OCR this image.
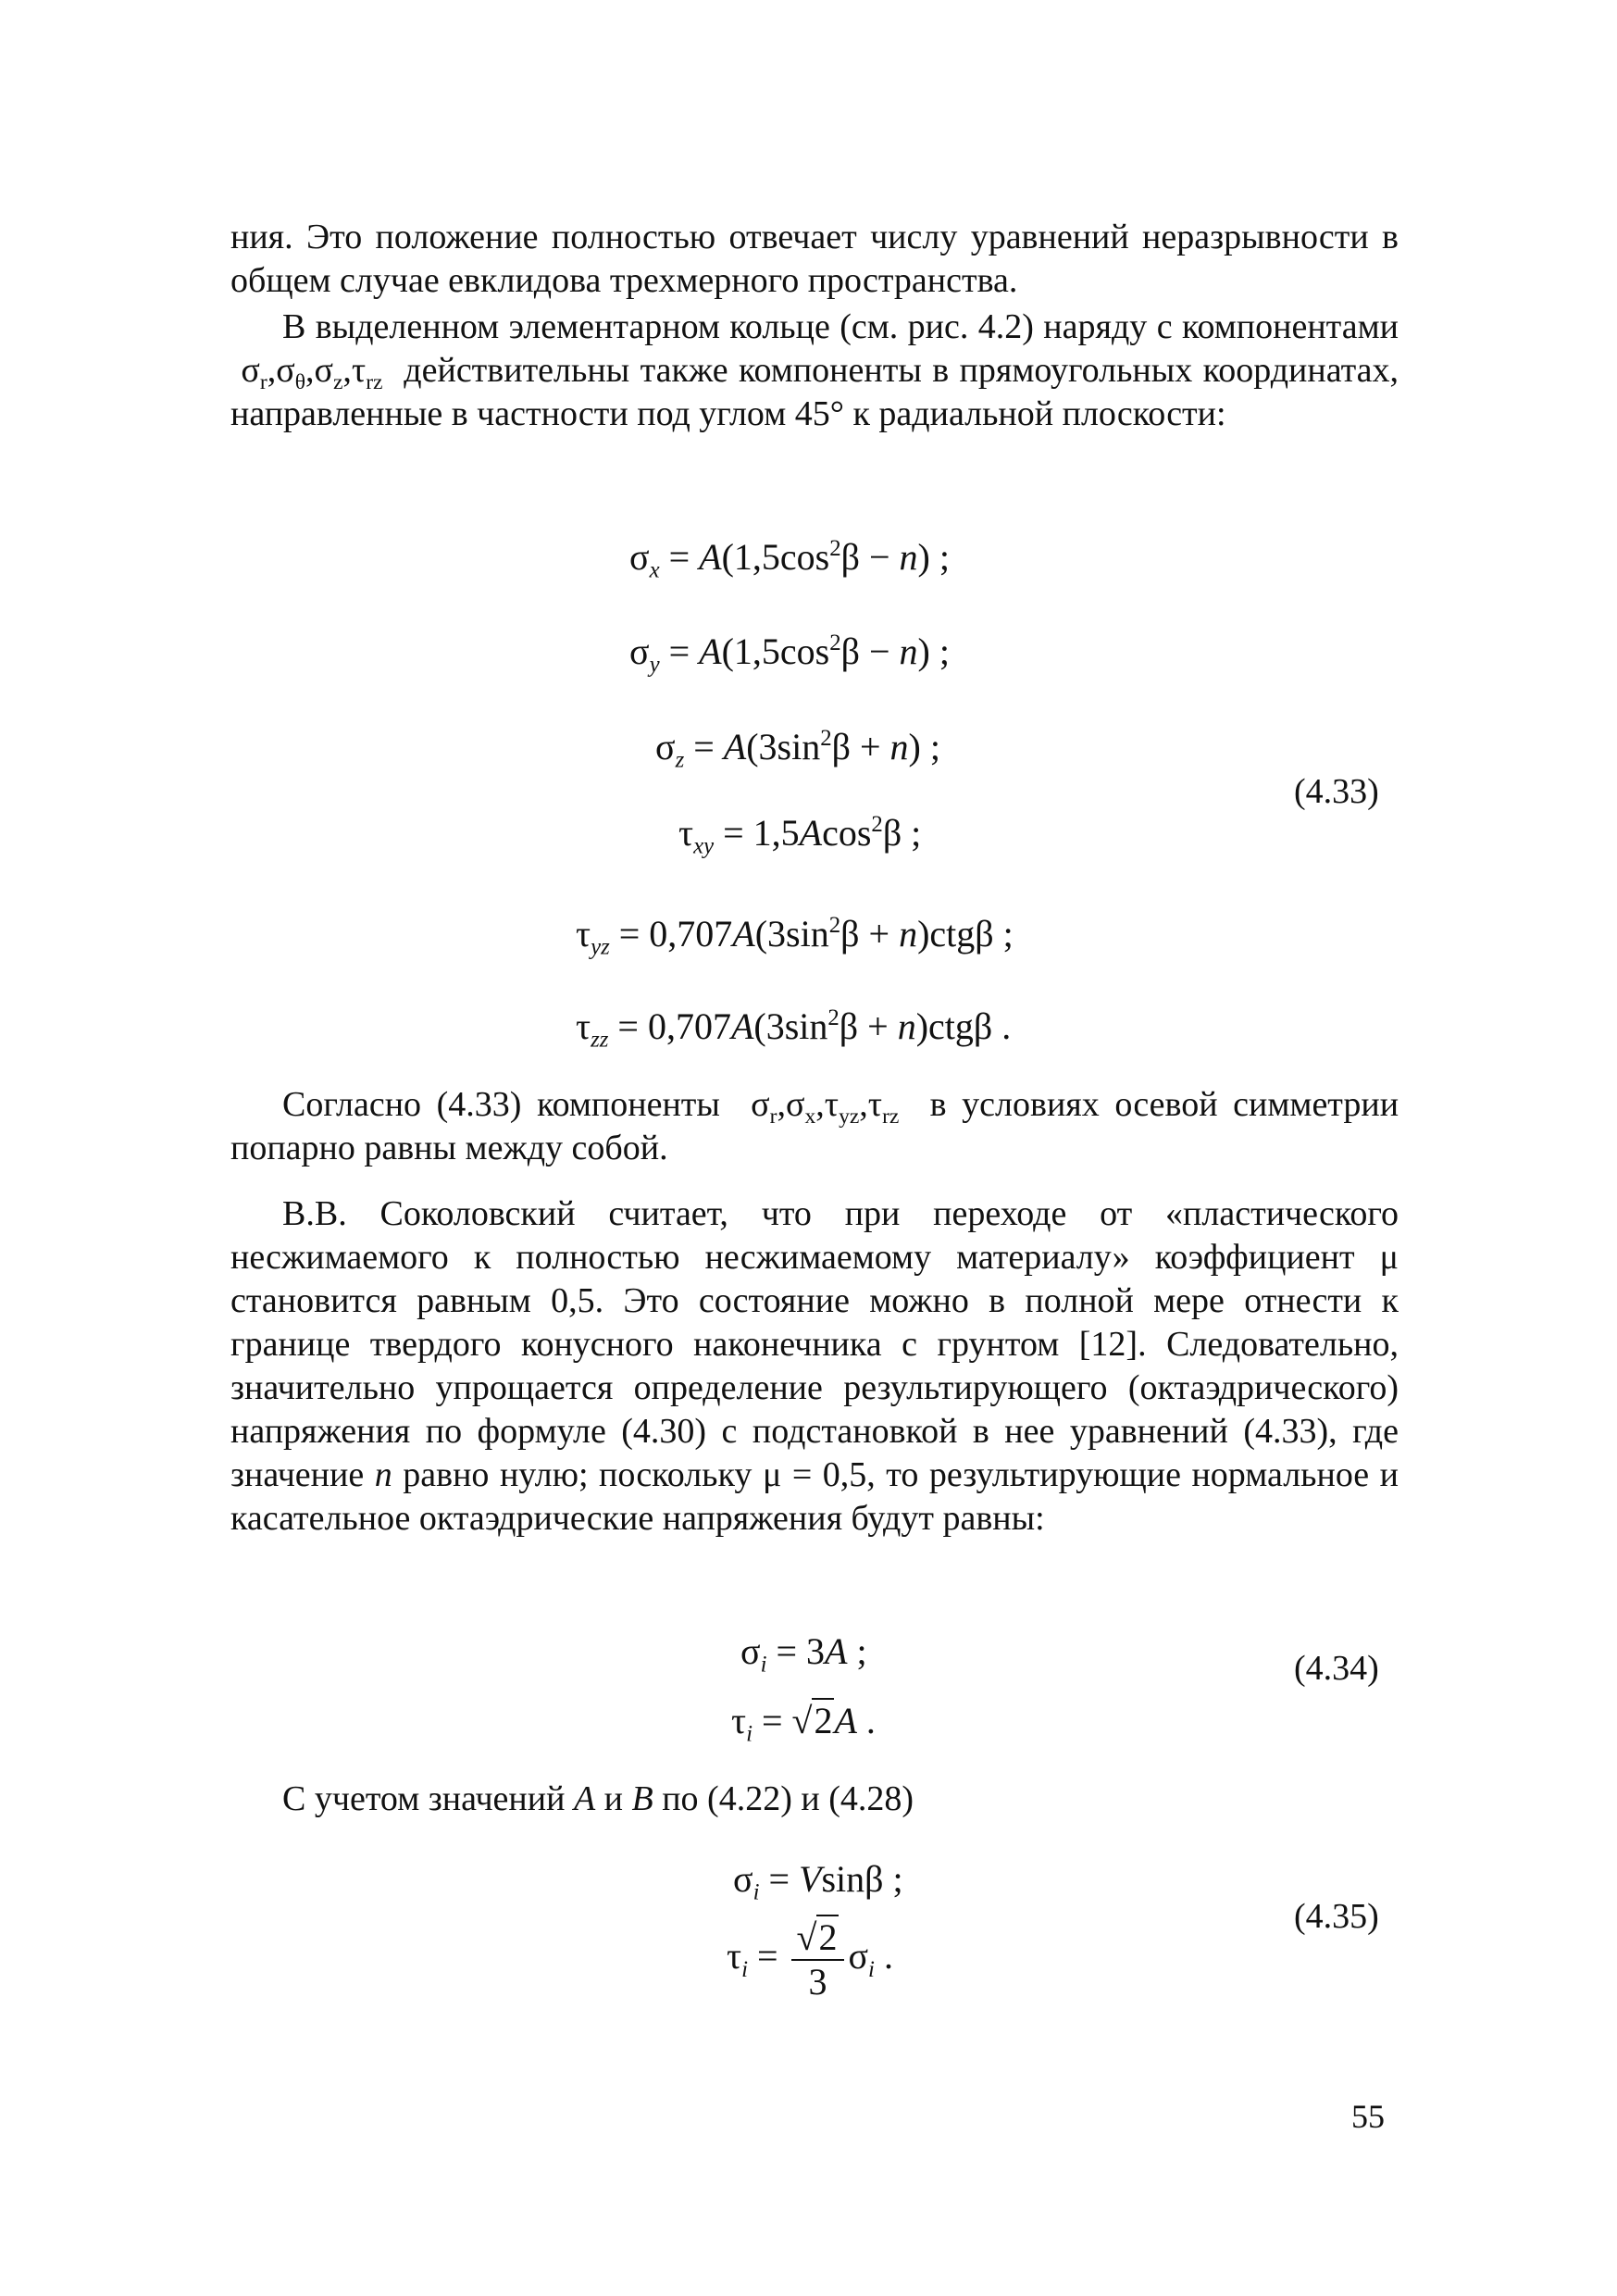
ния. Это положение полностью отвечает числу уравнений неразрывности в общем случае евклидова трехмерного пространства.

В выделенном элементарном кольце (см. рис. 4.2) наряду с компонентами  $\sigma_r,\sigma_\theta,\sigma_z,\tau_{rz}$ действительны также компоненты в прямоугольных координатах, направленные в частности под углом 45° к радиальной плоскости:

$\sigma_x = A(1,5\cos^2\beta - n)$ ;
$\sigma_y = A(1,5\cos^2\beta - n)$ ;
$\sigma_z = A(3\sin^2\beta + n)$ ;
$\tau_{xy} = 1,5Acos^2\beta$ ;
$\tau_{yz} = 0,707A(3\sin^2\beta + n)ctg\beta$ ;
$\tau_{zz} = 0,707A(3\sin^2\beta + n)ctg\beta$ .
(4.33)

Согласно (4.33) компоненты  $\sigma_r,\sigma_x,\tau_{yz},\tau_{rz}$ в условиях осевой симметрии попарно равны между собой.

В.В. Соколовский считает, что при переходе от «пластического несжимаемого к полностью несжимаемому материалу» коэффициент μ становится равным 0,5. Это состояние можно в полной мере отнести к границе твердого конусного наконечника с грунтом [12]. Следовательно, значительно упрощается определение результирующего (октаэдрического) напряжения по формуле (4.30) с подстановкой в нее уравнений (4.33), где значение n равно нулю; поскольку μ = 0,5, то результирующие нормальное и касательное октаэдрические напряжения будут равны:

$\sigma_i = 3A$ ;
$\tau_i = √2A$ .
(4.34)

С учетом значений A и B по (4.22) и (4.28)

$\sigma_i = Vsin\beta$ ;
$\tau_i = \frac{√2}{3} \sigma_i$ .
(4.35)
55
